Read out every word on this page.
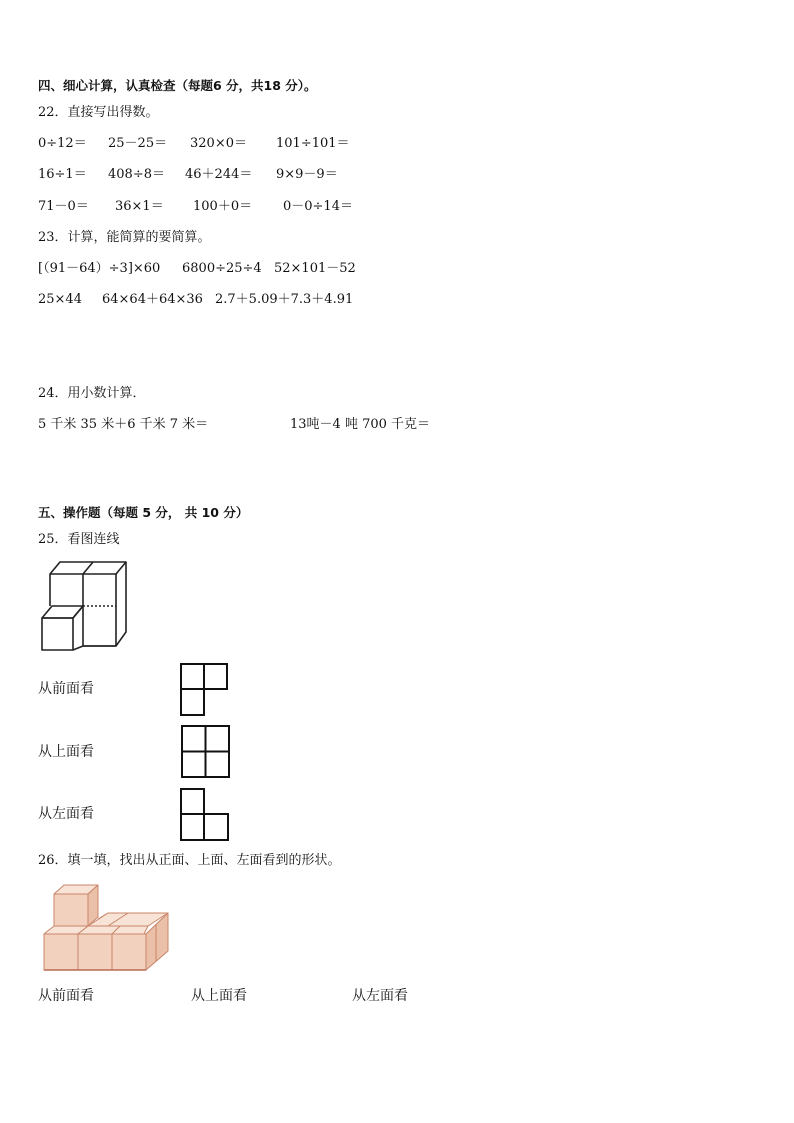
四、细心计算，认真检查（每题6 分，共18 分）。
22．直接写出得数。
0÷12＝ 25－25＝ 320×0＝ 101÷101＝
16÷1＝ 408÷8＝ 46＋244＝ 9×9－9＝
71－0＝ 36×1＝ 100＋0＝ 0－0÷14＝
23．计算，能简算的要简算。
[（91－64）÷3]×60 6800÷25÷4 52×101－52
25×44 64×64＋64×36 2.7＋5.09＋7.3＋4.91
24．用小数计算．
5 千米 35 米＋6 千米 7 米＝	13吨－4 吨 700 千克＝
五、操作题（每题 5 分， 共 10 分）
25．看图连线
从前面看
从上面看
从左面看
26．填一填，找出从正面、上面、左面看到的形状。
从前面看	从上面看	从左面看
